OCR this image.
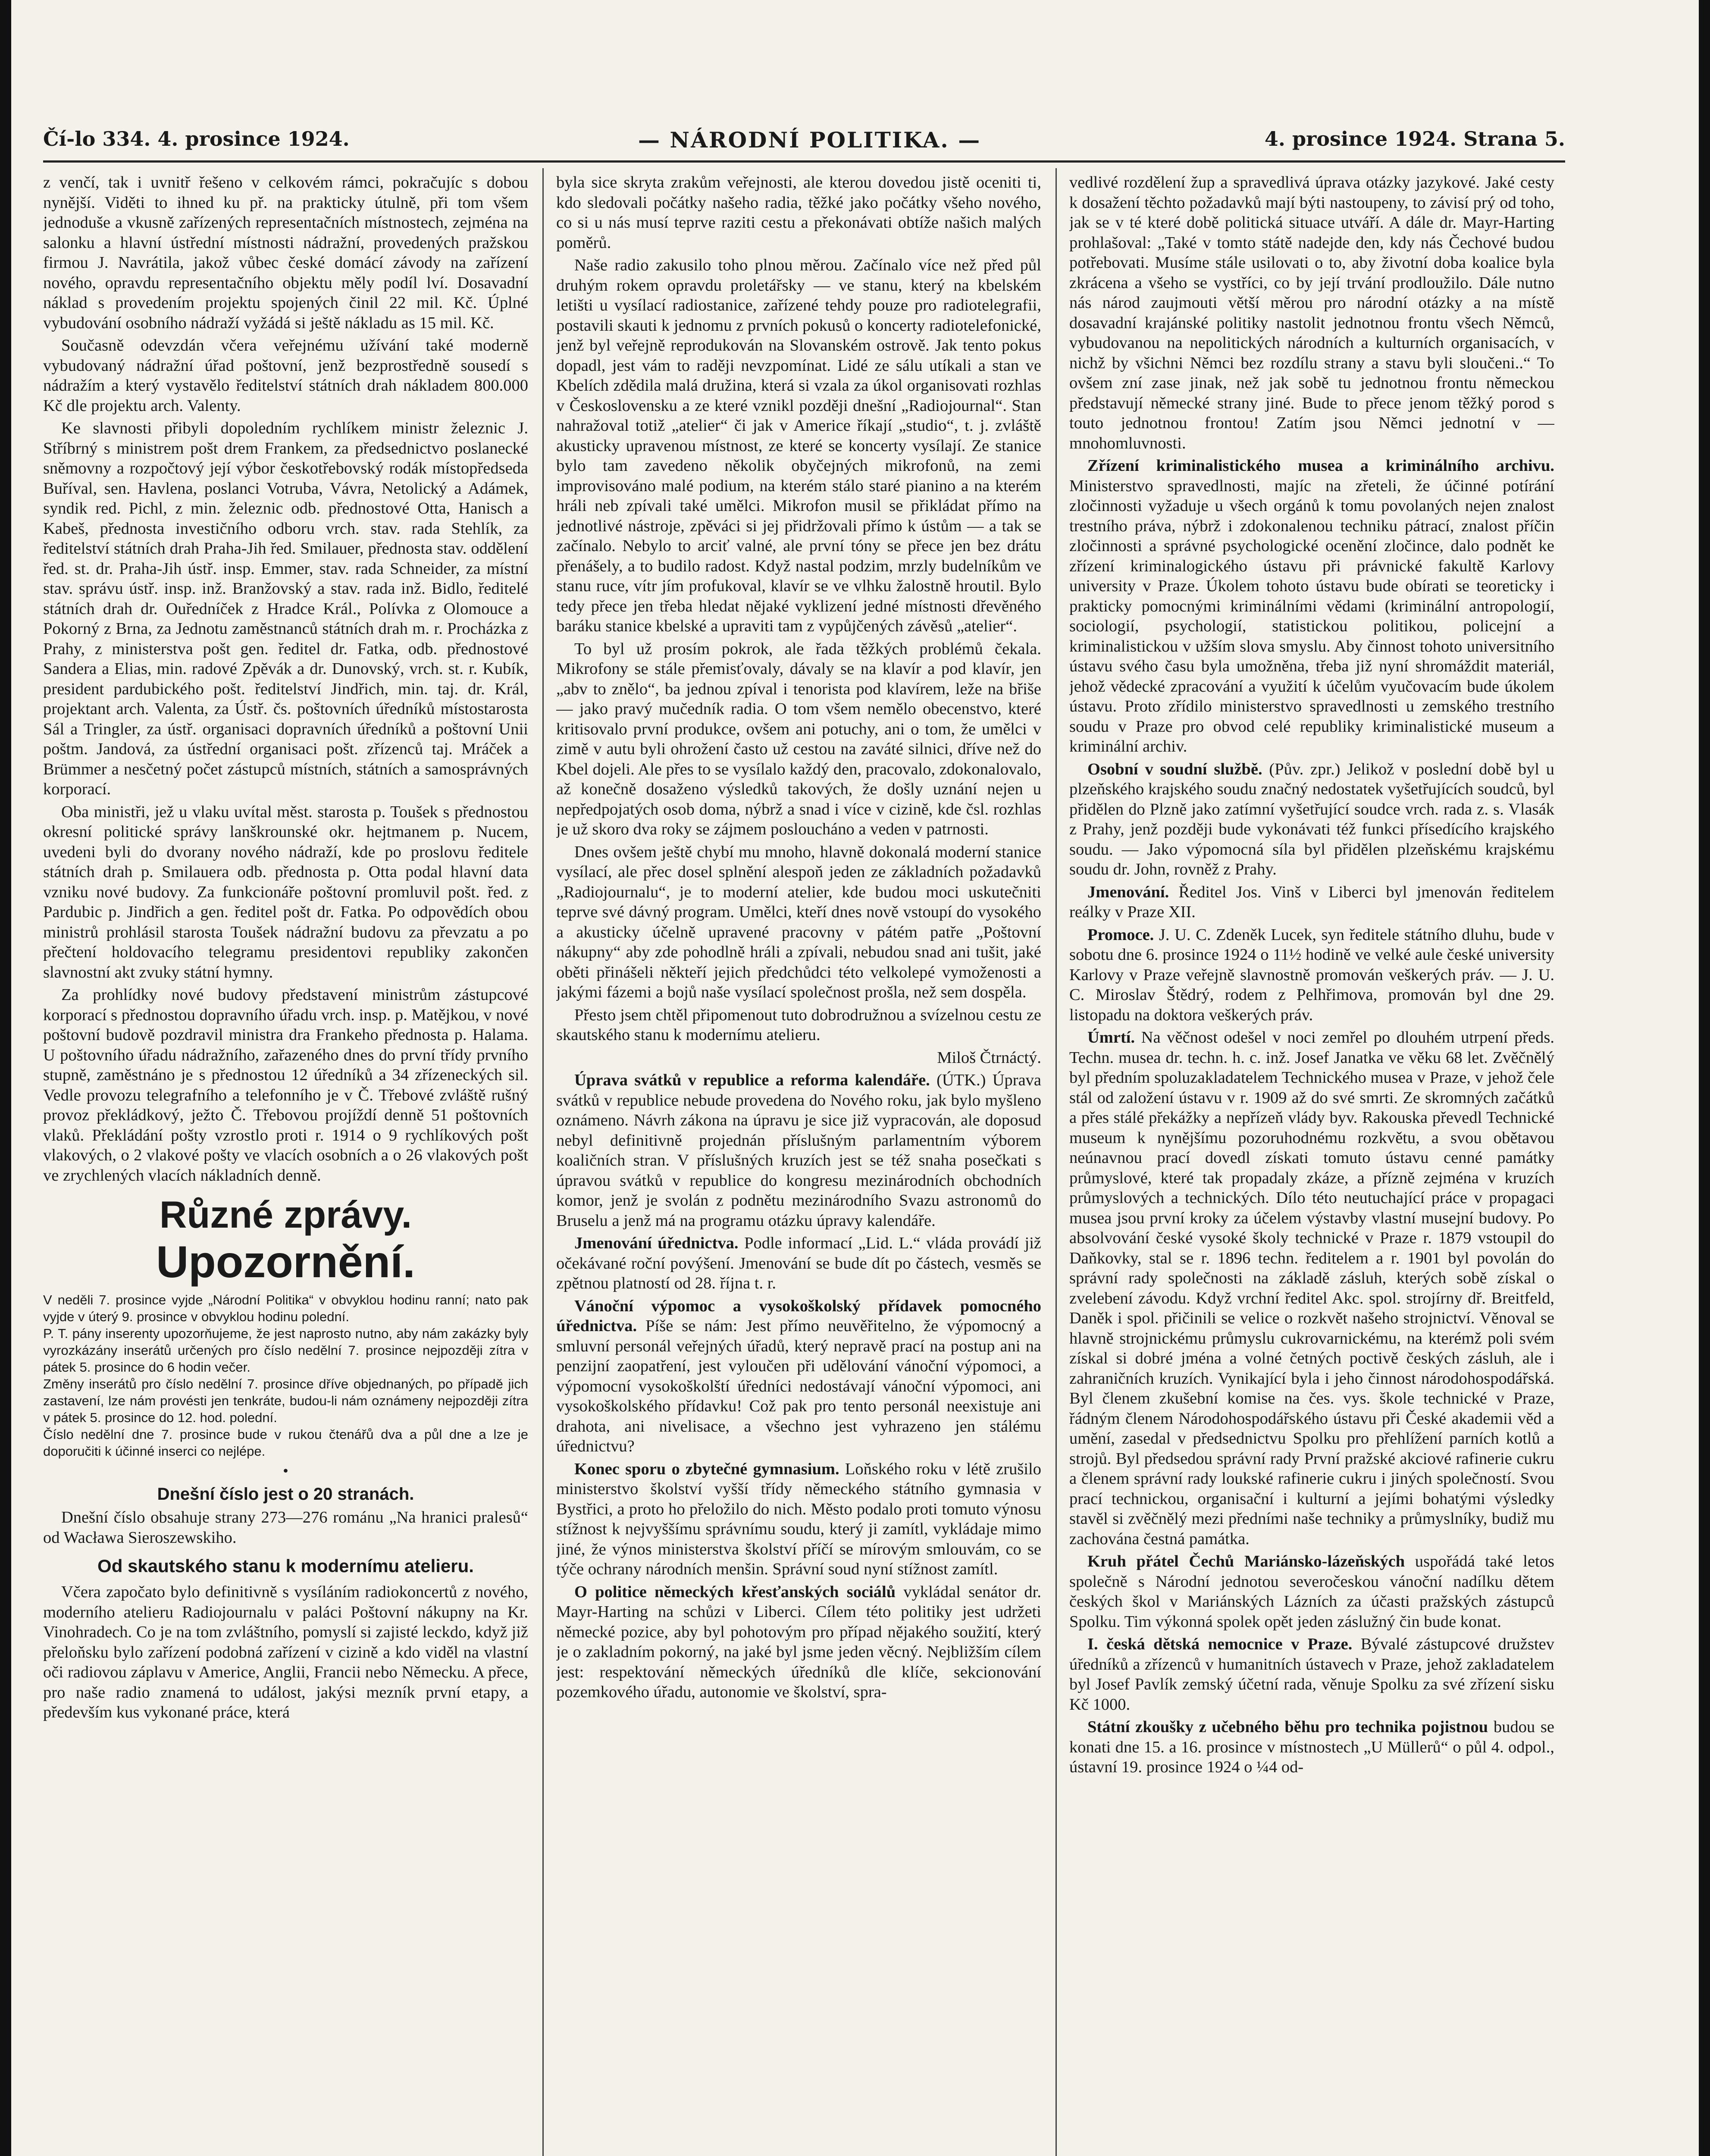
Čí-lo 334. 4. prosince 1924.	— NÁRODNÍ POLITIKA. —	4. prosince 1924. Strana 5.

z venčí, tak i uvnitř řešeno v celkovém rámci, pokračujíc s dobou nynější. Viděti to ihned ku př. na prakticky útulně, při tom všem jednoduše a vkusně zařízených representačních místnostech, zejména na salonku a hlavní ústřední místnosti nádražní, provedených pražskou firmou J. Navrátila, jakož vůbec české domácí závody na zařízení nového, opravdu representačního objektu měly podíl lví. Dosavadní náklad s provedením projektu spojených činil 22 mil. Kč. Úplné vybudování osobního nádraží vyžádá si ještě nákladu as 15 mil. Kč.

Současně odevzdán včera veřejnému užívání také moderně vybudovaný nádražní úřad poštovní, jenž bezprostředně sousedí s nádražím a který vystavělo ředitelství státních drah nákladem 800.000 Kč dle projektu arch. Valenty.

Ke slavnosti přibyli dopoledním rychlíkem ministr železnic J. Stříbrný s ministrem pošt drem Frankem, za předsednictvo poslanecké sněmovny a rozpočtový její výbor českotřebovský rodák místopředseda Buříval, sen. Havlena, poslanci Votruba, Vávra, Netolický a Adámek, syndik red. Pichl, z min. železnic odb. přednostové Otta, Hanisch a Kabeš, přednosta investičního odboru vrch. stav. rada Stehlík, za ředitelství státních drah Praha-Jih řed. Smilauer, přednosta stav. oddělení řed. st. dr. Praha-Jih ústř. insp. Emmer, stav. rada Schneider, za místní stav. správu ústř. insp. inž. Branžovský a stav. rada inž. Bidlo, ředitelé státních drah dr. Ouředníček z Hradce Král., Polívka z Olomouce a Pokorný z Brna, za Jednotu zaměstnanců státních drah m. r. Procházka z Prahy, z ministerstva pošt gen. ředitel dr. Fatka, odb. přednostové Sandera a Elias, min. radové Zpěvák a dr. Dunovský, vrch. st. r. Kubík, president pardubického pošt. ředitelství Jindřich, min. taj. dr. Král, projektant arch. Valenta, za Ústř. čs. poštovních úředníků místostarosta Sál a Tringler, za ústř. organisaci dopravních úředníků a poštovní Unii poštm. Jandová, za ústřední organisaci pošt. zřízenců taj. Mráček a Brümmer a nesčetný počet zástupců místních, státních a samosprávných korporací.

Oba ministři, jež u vlaku uvítal měst. starosta p. Toušek s přednostou okresní politické správy lanškrounské okr. hejtmanem p. Nucem, uvedeni byli do dvorany nového nádraží, kde po proslovu ředitele státních drah p. Smilauera odb. přednosta p. Otta podal hlavní data vzniku nové budovy. Za funkcionáře poštovní promluvil pošt. řed. z Pardubic p. Jindřich a gen. ředitel pošt dr. Fatka. Po odpovědích obou ministrů prohlásil starosta Toušek nádražní budovu za převzatu a po přečtení holdovacího telegramu presidentovi republiky zakončen slavnostní akt zvuky státní hymny.

Za prohlídky nové budovy představení ministrům zástupcové korporací s přednostou dopravního úřadu vrch. insp. p. Matějkou, v nové poštovní budově pozdravil ministra dra Frankeho přednosta p. Halama. U poštovního úřadu nádražního, zařazeného dnes do první třídy prvního stupně, zaměstnáno je s přednostou 12 úředníků a 34 zřízeneckých sil. Vedle provozu telegrafního a telefonního je v Č. Třebové zvláště rušný provoz překládkový, ježto Č. Třebovou projíždí denně 51 poštovních vlaků. Překládání pošty vzrostlo proti r. 1914 o 9 rychlíkových pošt vlakových, o 2 vlakové pošty ve vlacích osobních a o 26 vlakových pošt ve zrychlených vlacích nákladních denně.

Různé zprávy.

Upozornění.

V neděli 7. prosince vyjde „Národní Politika“ v obvyklou hodinu ranní; nato pak vyjde v úterý 9. prosince v obvyklou hodinu polední.

P. T. pány inserenty upozorňujeme, že jest naprosto nutno, aby nám zakázky byly vyrozkázány inserátů určených pro číslo nedělní 7. prosince nejpozději zítra v pátek 5. prosince do 6 hodin večer.

Změny inserátů pro číslo nedělní 7. prosince dříve objednaných, po případě jich zastavení, lze nám provésti jen tenkráte, budou-li nám oznámeny nejpozději zítra v pátek 5. prosince do 12. hod. polední.

Číslo nedělní dne 7. prosince bude v rukou čtenářů dva a půl dne a lze je doporučiti k účinné inserci co nejlépe.

•

Dnešní číslo jest o 20 stranách.

Dnešní číslo obsahuje strany 273—276 románu „Na hranici pralesů“ od Wacława Sieroszewskiho.

Od skautského stanu k modernímu atelieru.

Včera započato bylo definitivně s vysíláním radiokoncertů z nového, moderního atelieru Radiojournalu v paláci Poštovní nákupny na Kr. Vinohradech. Co je na tom zvláštního, pomyslí si zajisté leckdo, když již přeloňsku bylo zařízení podobná zařízení v cizině a kdo viděl na vlastní oči radiovou záplavu v Americe, Anglii, Francii nebo Německu. A přece, pro naše radio znamená to událost, jakýsi mezník první etapy, a především kus vykonané práce, která

byla sice skryta zrakům veřejnosti, ale kterou dovedou jistě oceniti ti, kdo sledovali počátky našeho radia, těžké jako počátky všeho nového, co si u nás musí teprve raziti cestu a překonávati obtíže našich malých poměrů.

Naše radio zakusilo toho plnou měrou. Začínalo více než před půl druhým rokem opravdu proletářsky — ve stanu, který na kbelském letišti u vysílací radiostanice, zařízené tehdy pouze pro radiotelegrafii, postavili skauti k jednomu z prvních pokusů o koncerty radiotelefonické, jenž byl veřejně reprodukován na Slovanském ostrově. Jak tento pokus dopadl, jest vám to raději nevzpomínat. Lidé ze sálu utíkali a stan ve Kbelích zdědila malá družina, která si vzala za úkol organisovati rozhlas v Československu a ze které vznikl později dnešní „Radiojournal“. Stan nahražoval totiž „atelier“ či jak v Americe říkají „studio“, t. j. zvláště akusticky upravenou místnost, ze které se koncerty vysílají. Ze stanice bylo tam zavedeno několik obyčejných mikrofonů, na zemi improvisováno malé podium, na kterém stálo staré pianino a na kterém hráli neb zpívali také umělci. Mikrofon musil se přikládat přímo na jednotlivé nástroje, zpěváci si jej přidržovali přímo k ústům — a tak se začínalo. Nebylo to arciť valné, ale první tóny se přece jen bez drátu přenášely, a to budilo radost. Když nastal podzim, mrzly budelníkům ve stanu ruce, vítr jím profukoval, klavír se ve vlhku žalostně hroutil. Bylo tedy přece jen třeba hledat nějaké vyklizení jedné místnosti dřevěného baráku stanice kbelské a upraviti tam z vypůjčených závěsů „atelier“.

To byl už prosím pokrok, ale řada těžkých problémů čekala. Mikrofony se stále přemisťovaly, dávaly se na klavír a pod klavír, jen „abv to znělo“, ba jednou zpíval i tenorista pod klavírem, leže na břiše — jako pravý mučedník radia. O tom všem nemělo obecenstvo, které kritisovalo první produkce, ovšem ani potuchy, ani o tom, že umělci v zimě v autu byli ohrožení často už cestou na zaváté silnici, dříve než do Kbel dojeli. Ale přes to se vysílalo každý den, pracovalo, zdokonalovalo, až konečně dosaženo výsledků takových, že došly uznání nejen u nepředpojatých osob doma, nýbrž a snad i více v cizině, kde čsl. rozhlas je už skoro dva roky se zájmem posloucháno a veden v patrnosti.

Dnes ovšem ještě chybí mu mnoho, hlavně dokonalá moderní stanice vysílací, ale přec dosel splnění alespoň jeden ze základních požadavků „Radiojournalu“, je to moderní atelier, kde budou moci uskutečniti teprve své dávný program. Umělci, kteří dnes nově vstoupí do vysokého a akusticky účelně upravené pracovny v pátém patře „Poštovní nákupny“ aby zde pohodlně hráli a zpívali, nebudou snad ani tušit, jaké oběti přinášeli někteří jejich předchůdci této velkolepé vymoženosti a jakými fázemi a bojů naše vysílací společnost prošla, než sem dospěla.

Přesto jsem chtěl připomenout tuto dobrodružnou a svízelnou cestu ze skautského stanu k modernímu atelieru.

Miloš Čtrnáctý.

Úprava svátků v republice a reforma kalendáře. (ÚTK.) Úprava svátků v republice nebude provedena do Nového roku, jak bylo myšleno oznámeno. Návrh zákona na úpravu je sice již vypracován, ale doposud nebyl definitivně projednán příslušným parlamentním výborem koaličních stran. V příslušných kruzích jest se též snaha posečkati s úpravou svátků v republice do kongresu mezinárodních obchodních komor, jenž je svolán z podnětu mezinárodního Svazu astronomů do Bruselu a jenž má na programu otázku úpravy kalendáře.

Jmenování úřednictva. Podle informací „Lid. L.“ vláda provádí již očekávané roční povýšení. Jmenování se bude dít po částech, vesměs se zpětnou platností od 28. října t. r.

Vánoční výpomoc a vysokoškolský přídavek pomocného úřednictva. Píše se nám: Jest přímo neuvěřitelno, že výpomocný a smluvní personál veřejných úřadů, který nepravě prací na postup ani na penzijní zaopatření, jest vyloučen při udělování vánoční výpomoci, a výpomocní vysokoškolští úředníci nedostávají vánoční výpomoci, ani vysokoškolského přídavku! Což pak pro tento personál neexistuje ani drahota, ani nivelisace, a všechno jest vyhrazeno jen stálému úřednictvu?

Konec sporu o zbytečné gymnasium. Loňského roku v létě zrušilo ministerstvo školství vyšší třídy německého státního gymnasia v Bystřici, a proto ho přeložilo do nich. Město podalo proti tomuto výnosu stížnost k nejvyššímu správnímu soudu, který ji zamítl, vykládaje mimo jiné, že výnos ministerstva školství příčí se mírovým smlouvám, co se týče ochrany národních menšin. Správní soud nyní stížnost zamítl.

O politice německých křesťanských sociálů vykládal senátor dr. Mayr-Harting na schůzi v Liberci. Cílem této politiky jest udržeti německé pozice, aby byl pohotovým pro případ nějakého soužití, který je o zakladním pokorný, na jaké byl jsme jeden věcný. Nejbližším cílem jest: respektování německých úředníků dle klíče, sekcionování pozemkového úřadu, autonomie ve školství, spra-

vedlivé rozdělení žup a spravedlivá úprava otázky jazykové. Jaké cesty k dosažení těchto požadavků mají býti nastoupeny, to závisí prý od toho, jak se v té které době politická situace utváří. A dále dr. Mayr-Harting prohlašoval: „Také v tomto státě nadejde den, kdy nás Čechové budou potřebovati. Musíme stále usilovati o to, aby životní doba koalice byla zkrácena a všeho se vystříci, co by její trvání prodloužilo. Dále nutno nás národ zaujmouti větší měrou pro národní otázky a na místě dosavadní krajánské politiky nastolit jednotnou frontu všech Němců, vybudovanou na nepolitických národních a kulturních organisacích, v nichž by všichni Němci bez rozdílu strany a stavu byli sloučeni..“ To ovšem zní zase jinak, než jak sobě tu jednotnou frontu německou představují německé strany jiné. Bude to přece jenom těžký porod s touto jednotnou frontou! Zatím jsou Němci jednotní v — mnohomluvnosti.

Zřízení kriminalistického musea a kriminálního archivu. Ministerstvo spravedlnosti, majíc na zřeteli, že účinné potírání zločinnosti vyžaduje u všech orgánů k tomu povolaných nejen znalost trestního práva, nýbrž i zdokonalenou techniku pátrací, znalost příčin zločinnosti a správné psychologické ocenění zločince, dalo podnět ke zřízení kriminalogického ústavu při právnické fakultě Karlovy university v Praze. Úkolem tohoto ústavu bude obírati se teoreticky i prakticky pomocnými kriminálními vědami (kriminální antropologií, sociologií, psychologií, statistickou politikou, policejní a kriminalistickou v užším slova smyslu. Aby činnost tohoto universitního ústavu svého času byla umožněna, třeba již nyní shromáždit materiál, jehož vědecké zpracování a využití k účelům vyučovacím bude úkolem ústavu. Proto zřídilo ministerstvo spravedlnosti u zemského trestního soudu v Praze pro obvod celé republiky kriminalistické museum a kriminální archiv.

Osobní v soudní službě. (Pův. zpr.) Jelikož v poslední době byl u plzeňského krajského soudu značný nedostatek vyšetřujících soudců, byl přidělen do Plzně jako zatímní vyšetřující soudce vrch. rada z. s. Vlasák z Prahy, jenž později bude vykonávati též funkci přísedícího krajského soudu. — Jako výpomocná síla byl přidělen plzeňskému krajskému soudu dr. John, rovněž z Prahy.

Jmenování. Ředitel Jos. Vinš v Liberci byl jmenován ředitelem reálky v Praze XII.

Promoce. J. U. C. Zdeněk Lucek, syn ředitele státního dluhu, bude v sobotu dne 6. prosince 1924 o 11½ hodině ve velké aule české university Karlovy v Praze veřejně slavnostně promován veškerých práv. — J. U. C. Miroslav Štědrý, rodem z Pelhřimova, promován byl dne 29. listopadu na doktora veškerých práv.

Úmrtí. Na věčnost odešel v noci zemřel po dlouhém utrpení předs. Techn. musea dr. techn. h. c. inž. Josef Janatka ve věku 68 let. Zvěčnělý byl předním spoluzakladatelem Technického musea v Praze, v jehož čele stál od založení ústavu v r. 1909 až do své smrti. Ze skromných začátků a přes stálé překážky a nepřízeň vlády byv. Rakouska převedl Technické museum k nynějšímu pozoruhodnému rozkvětu, a svou obětavou neúnavnou prací dovedl získati tomuto ústavu cenné památky průmyslové, které tak propadaly zkáze, a přízně zejména v kruzích průmyslových a technických. Dílo této neutuchající práce v propagaci musea jsou první kroky za účelem výstavby vlastní musejní budovy. Po absolvování české vysoké školy technické v Praze r. 1879 vstoupil do Daňkovky, stal se r. 1896 techn. ředitelem a r. 1901 byl povolán do správní rady společnosti na základě zásluh, kterých sobě získal o zvelebení závodu. Když vrchní ředitel Akc. spol. strojírny dř. Breitfeld, Daněk i spol. přičinili se velice o rozkvět našeho strojnictví. Věnoval se hlavně strojnickému průmyslu cukrovarnickému, na kterémž poli svém získal si dobré jména a volné četných poctivě českých zásluh, ale i zahraničních kruzích. Vynikající byla i jeho činnost národohospodářská. Byl členem zkušební komise na čes. vys. škole technické v Praze, řádným členem Národohospodářského ústavu při České akademii věd a umění, zasedal v předsednictvu Spolku pro přehlížení parních kotlů a strojů. Byl předsedou správní rady První pražské akciové rafinerie cukru a členem správní rady loukské rafinerie cukru i jiných společností. Svou prací technickou, organisační i kulturní a jejími bohatými výsledky stavěl si zvěčnělý mezi předními naše techniky a průmyslníky, budiž mu zachována čestná památka.

Kruh přátel Čechů Mariánsko-lázeňských uspořádá také letos společně s Národní jednotou severočeskou vánoční nadílku dětem českých škol v Mariánských Lázních za účasti pražských zástupců Spolku. Tim výkonná spolek opět jeden záslužný čin bude konat.

I. česká dětská nemocnice v Praze. Bývalé zástupcové družstev úředníků a zřízenců v humanitních ústavech v Praze, jehož zakladatelem byl Josef Pavlík zemský účetní rada, věnuje Spolku za své zřízení sisku Kč 1000.

Státní zkoušky z učebného běhu pro technika pojistnou budou se konati dne 15. a 16. prosince v místnostech „U Müllerů“ o půl 4. odpol., ústavní 19. prosince 1924 o ¼4 od-
